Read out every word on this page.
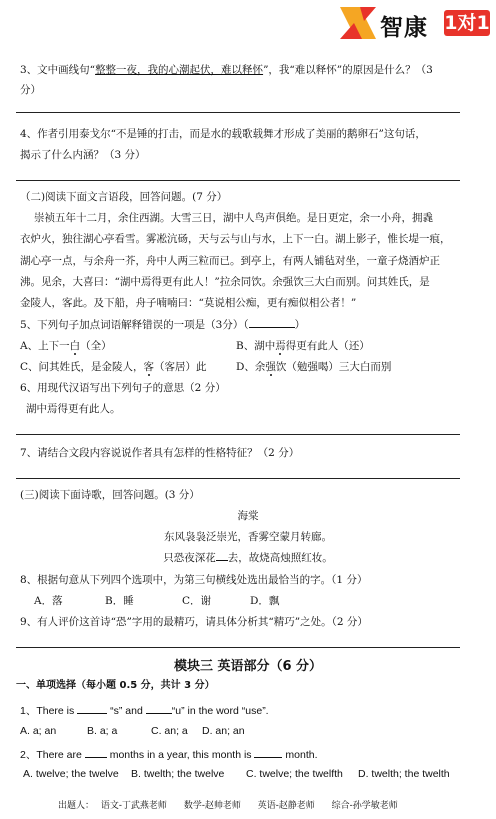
智康 1对1
3、文中画线句“整整一夜，我的心潮起伏，难以释怀”，我“难以释怀”的原因是什么？（3
分）
4、作者引用泰戈尔“不是锤的打击，而是水的载歌载舞才形成了美丽的鹅卵石”这句话，
揭示了什么内涵？（3 分）
（二)阅读下面文言语段，回答问题。(7 分）
崇祯五年十二月，余住西湖。大雪三日，湖中人鸟声俱绝。是日更定，余一小舟，拥毳
衣炉火，独往湖心亭看雪。雾凇沆砀，天与云与山与水，上下一白。湖上影子，惟长堤一痕，
湖心亭一点，与余舟一芥，舟中人两三粒而已。到亭上，有两人铺毡对坐，一童子烧酒炉正
沸。见余，大喜曰：“湖中焉得更有此人！”拉余同饮。余强饮三大白而别。问其姓氏，是
金陵人，客此。及下船，舟子喃喃曰：“莫说相公痴，更有痴似相公者！”
5、下列句子加点词语解释错误的一项是（3分）（	）
A、上下一白（全）	B、湖中焉得更有此人（还）
C、问其姓氏，是金陵人，客（客居）此	D、余强饮（勉强喝）三大白而别
6、用现代汉语写出下列句子的意思（2 分）
湖中焉得更有此人。
7、请结合文段内容说说作者具有怎样的性格特征？（2 分）
(三)阅读下面诗歌，回答问题。(3 分）
海棠
东风袅袅泛崇光，香雾空蒙月转廊。
只恐夜深花 去，故烧高烛照红妆。
8、根据句意从下列四个选项中，为第三句横线处选出最恰当的字。（1 分）
A．落	B．睡	C．谢	D．飘
9、有人评价这首诗“恐”字用的最精巧，请具体分析其“精巧”之处。（2 分）
模块三 英语部分（6 分）
一、单项选择（每小题 0.5 分，共计 3 分）
1、There is	“s” and	“u” in the word “use”.
A. a; an	B. a; a	C. an; a D. an; an
2、There are	months in a year, this month is	month.
A. twelve; the twelve B. twelth; the twelve C. twelve; the twelfth D. twelth; the twelth
出题人： 语文-丁武燕老师 数学-赵帅老师 英语-赵静老师 综合-孙学敏老师
